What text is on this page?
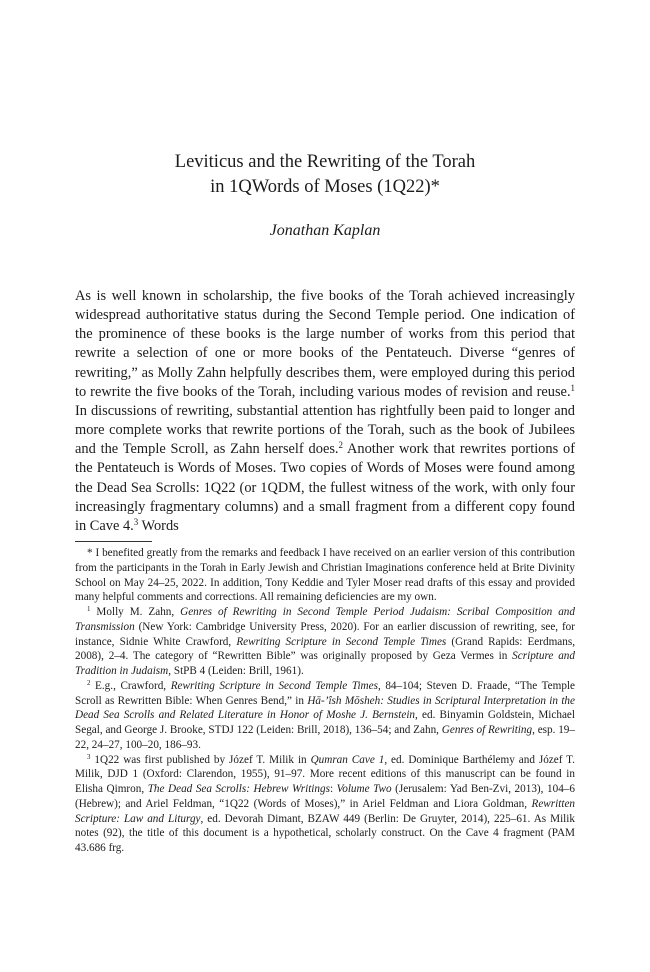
Leviticus and the Rewriting of the Torah
in 1QWords of Moses (1Q22)*
Jonathan Kaplan

As is well known in scholarship, the five books of the Torah achieved increasingly widespread authoritative status during the Second Temple period. One indication of the prominence of these books is the large number of works from this period that rewrite a selection of one or more books of the Pentateuch. Diverse “genres of rewriting,” as Molly Zahn helpfully describes them, were employed during this period to rewrite the five books of the Torah, including various modes of revision and reuse.$^1$ In discussions of rewriting, substantial attention has rightfully been paid to longer and more complete works that rewrite portions of the Torah, such as the book of Jubilees and the Temple Scroll, as Zahn herself does.$^2$ Another work that rewrites portions of the Pentateuch is Words of Moses. Two copies of Words of Moses were found among the Dead Sea Scrolls: 1Q22 (or 1QDM, the fullest witness of the work, with only four increasingly fragmentary columns) and a small fragment from a different copy found in Cave 4.$^3$ Words

* I benefited greatly from the remarks and feedback I have received on an earlier version of this contribution from the participants in the Torah in Early Jewish and Christian Imaginations conference held at Brite Divinity School on May 24–25, 2022. In addition, Tony Keddie and Tyler Moser read drafts of this essay and provided many helpful comments and corrections. All remaining deficiencies are my own.

$^1$ Molly M. Zahn, Genres of Rewriting in Second Temple Period Judaism: Scribal Composition and Transmission (New York: Cambridge University Press, 2020). For an earlier discussion of rewriting, see, for instance, Sidnie White Crawford, Rewriting Scripture in Second Temple Times (Grand Rapids: Eerdmans, 2008), 2–4. The category of “Rewritten Bible” was originally proposed by Geza Vermes in Scripture and Tradition in Judaism, StPB 4 (Leiden: Brill, 1961).

$^2$ E.g., Crawford, Rewriting Scripture in Second Temple Times, 84–104; Steven D. Fraade, “The Temple Scroll as Rewritten Bible: When Genres Bend,” in Hā-’îsh Mōsheh: Studies in Scriptural Interpretation in the Dead Sea Scrolls and Related Literature in Honor of Moshe J. Bernstein, ed. Binyamin Goldstein, Michael Segal, and George J. Brooke, STDJ 122 (Leiden: Brill, 2018), 136–54; and Zahn, Genres of Rewriting, esp. 19–22, 24–27, 100–20, 186–93.

$^3$ 1Q22 was first published by Józef T. Milik in Qumran Cave 1, ed. Dominique Barthélemy and Józef T. Milik, DJD 1 (Oxford: Clarendon, 1955), 91–97. More recent editions of this manuscript can be found in Elisha Qimron, The Dead Sea Scrolls: Hebrew Writings: Volume Two (Jerusalem: Yad Ben-Zvi, 2013), 104–6 (Hebrew); and Ariel Feldman, “1Q22 (Words of Moses),” in Ariel Feldman and Liora Goldman, Rewritten Scripture: Law and Liturgy, ed. Devorah Dimant, BZAW 449 (Berlin: De Gruyter, 2014), 225–61. As Milik notes (92), the title of this document is a hypothetical, scholarly construct. On the Cave 4 fragment (PAM 43.686 frg.
